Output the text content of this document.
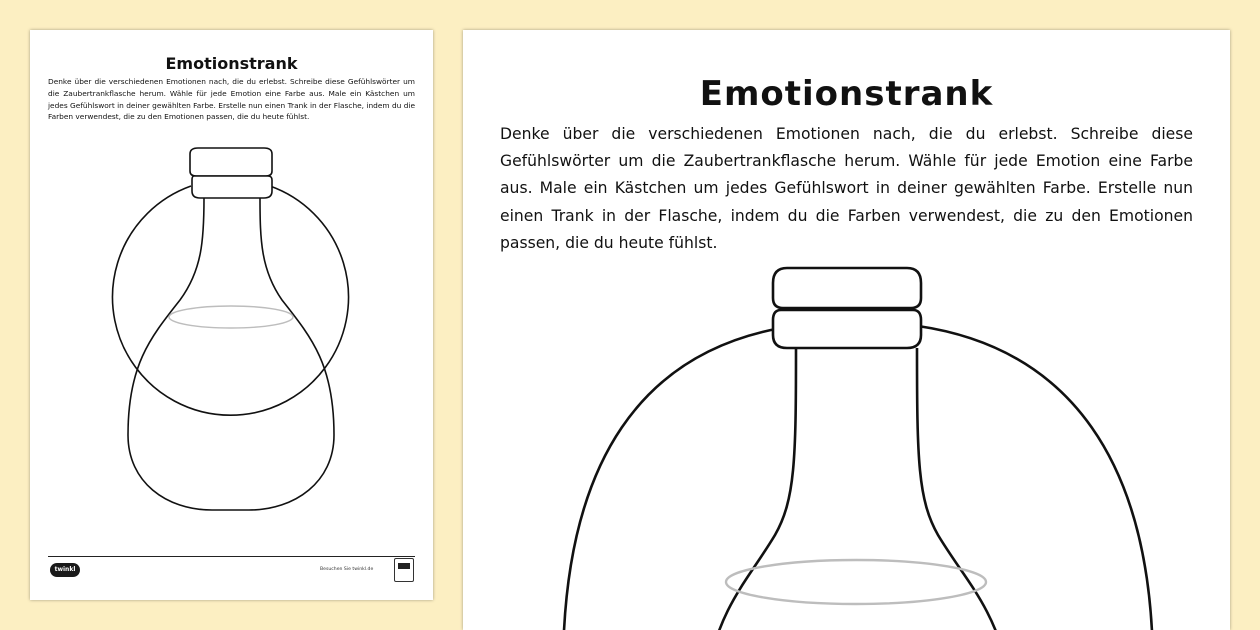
Emotionstrank
Denke über die verschiedenen Emotionen nach, die du erlebst. Schreibe diese Gefühlswörter um die Zaubertrankflasche herum. Wähle für jede Emotion eine Farbe aus. Male ein Kästchen um jedes Gefühlswort in deiner gewählten Farbe. Erstelle nun einen Trank in der Flasche, indem du die Farben verwendest, die zu den Emotionen passen, die du heute fühlst.
twinkl	Besuchen Sie twinkl.de
Emotionstrank
Denke über die verschiedenen Emotionen nach, die du erlebst. Schreibe diese Gefühlswörter um die Zaubertrankflasche herum. Wähle für jede Emotion eine Farbe aus. Male ein Kästchen um jedes Gefühlswort in deiner gewählten Farbe. Erstelle nun einen Trank in der Flasche, indem du die Farben verwendest, die zu den Emotionen passen, die du heute fühlst.
